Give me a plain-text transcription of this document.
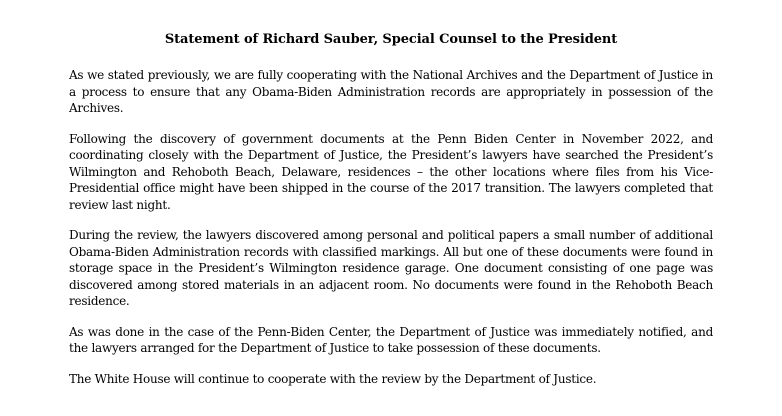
Statement of Richard Sauber, Special Counsel to the President

As we stated previously, we are fully cooperating with the National Archives and the Department of Justice in a process to ensure that any Obama-Biden Administration records are appropriately in possession of the Archives.

Following the discovery of government documents at the Penn Biden Center in November 2022, and coordinating closely with the Department of Justice, the President’s lawyers have searched the President’s Wilmington and Rehoboth Beach, Delaware, residences – the other locations where files from his Vice-Presidential office might have been shipped in the course of the 2017 transition. The lawyers completed that review last night.

During the review, the lawyers discovered among personal and political papers a small number of additional Obama-Biden Administration records with classified markings. All but one of these documents were found in storage space in the President’s Wilmington residence garage. One document consisting of one page was discovered among stored materials in an adjacent room. No documents were found in the Rehoboth Beach residence.

As was done in the case of the Penn-Biden Center, the Department of Justice was immediately notified, and the lawyers arranged for the Department of Justice to take possession of these documents.

The White House will continue to cooperate with the review by the Department of Justice.
